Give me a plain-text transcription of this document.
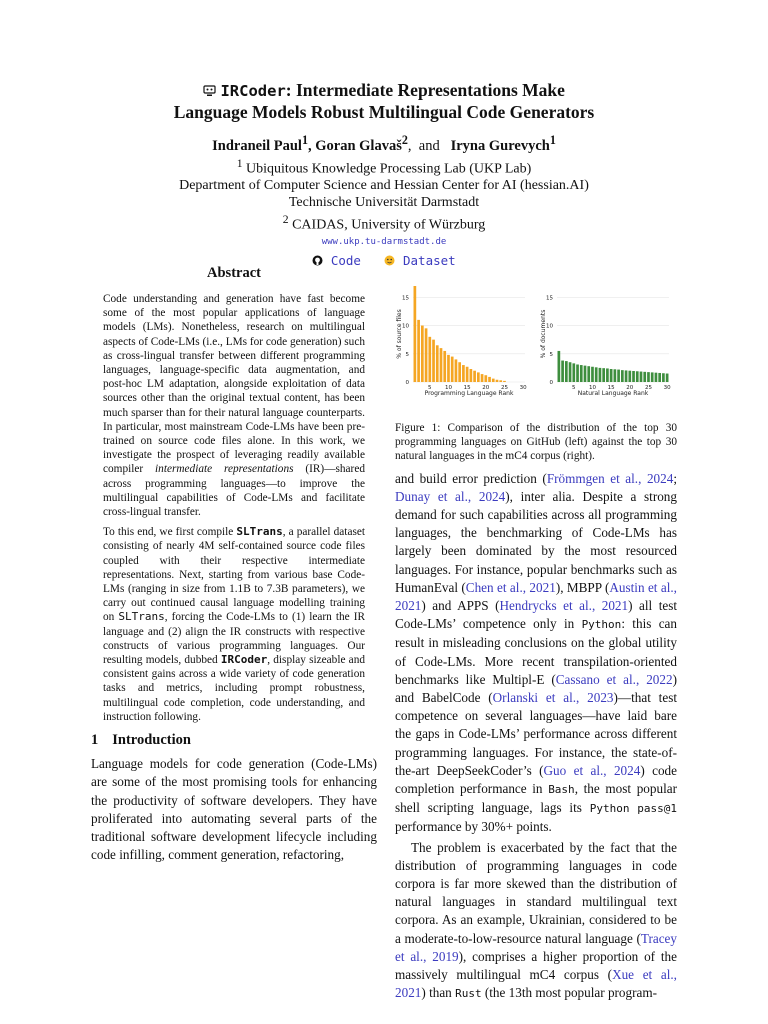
IRCoder: Intermediate Representations Make
Language Models Robust Multilingual Code Generators
Indraneil Paul$^1$, Goran Glavaš$^2$,  and   Iryna Gurevych$^1$
$^1$ Ubiquitous Knowledge Processing Lab (UKP Lab)
Department of Computer Science and Hessian Center for AI (hessian.AI)
Technische Universität Darmstadt
$^2$ CAIDAS, University of Würzburg
www.ukp.tu-darmstadt.de
Code	Dataset
Abstract

Code understanding and generation have fast become some of the most popular applications of language models (LMs). Nonetheless, research on multilingual aspects of Code-LMs (i.e., LMs for code generation) such as cross-lingual transfer between different programming languages, language-specific data augmentation, and post-hoc LM adaptation, alongside exploitation of data sources other than the original textual content, has been much sparser than for their natural language counterparts. In particular, most mainstream Code-LMs have been pre-trained on source code files alone. In this work, we investigate the prospect of leveraging readily available compiler intermediate representations (IR)—shared across programming languages—to improve the multilingual capabilities of Code-LMs and facilitate cross-lingual transfer.

To this end, we first compile SLTrans, a parallel dataset consisting of nearly 4M self-contained source code files coupled with their respective intermediate representations. Next, starting from various base Code-LMs (ranging in size from 1.1B to 7.3B parameters), we carry out continued causal language modelling training on SLTrans, forcing the Code-LMs to (1) learn the IR language and (2) align the IR constructs with respective constructs of various programming languages. Our resulting models, dubbed IRCoder, display sizeable and consistent gains across a wide variety of code generation tasks and metrics, including prompt robustness, multilingual code completion, code understanding, and instruction following.

1 Introduction

Language models for code generation (Code-LMs) are some of the most promising tools for enhancing the productivity of software developers. They have proliferated into automating several parts of the traditional software development lifecycle including code infilling, comment generation, refactoring,

0
5
10
15
5 10 15 20 25 30
Programming Language Rank
% of source files
0
5
10
15
5 10 15 20 25 30
Natural Language Rank
% of documents
Figure 1: Comparison of the distribution of the top 30 programming languages on GitHub (left) against the top 30 natural languages in the mC4 corpus (right).

and build error prediction (Frömmgen et al., 2024; Dunay et al., 2024), inter alia. Despite a strong demand for such capabilities across all programming languages, the benchmarking of Code-LMs has largely been dominated by the most resourced languages. For instance, popular benchmarks such as HumanEval (Chen et al., 2021), MBPP (Austin et al., 2021) and APPS (Hendrycks et al., 2021) all test Code-LMs’ competence only in Python: this can result in misleading conclusions on the global utility of Code-LMs. More recent transpilation-oriented benchmarks like Multipl-E (Cassano et al., 2022) and BabelCode (Orlanski et al., 2023)—that test competence on several languages—have laid bare the gaps in Code-LMs’ performance across different programming languages. For instance, the state-of-the-art DeepSeekCoder’s (Guo et al., 2024) code completion performance in Bash, the most popular shell scripting language, lags its Python pass@1 performance by 30%+ points.

The problem is exacerbated by the fact that the distribution of programming languages in code corpora is far more skewed than the distribution of natural languages in standard multilingual text corpora. As an example, Ukrainian, considered to be a moderate-to-low-resource natural language (Tracey et al., 2019), comprises a higher proportion of the massively multilingual mC4 corpus (Xue et al., 2021) than Rust (the 13th most popular program-
